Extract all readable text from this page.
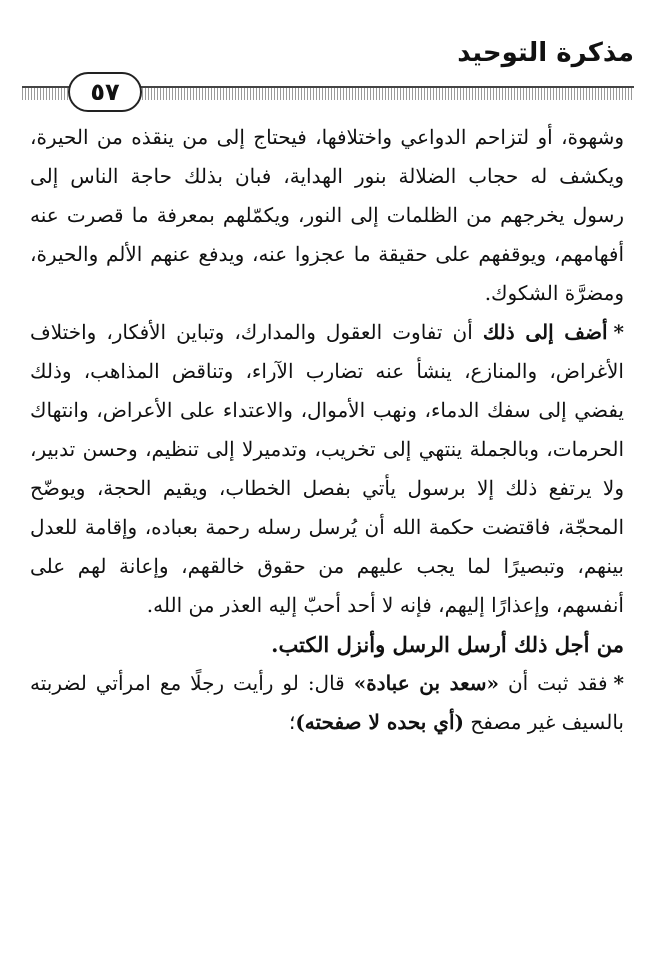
مذكرة التوحيد
٥٧

وشهوة، أو لتزاحم الدواعي واختلافها، فيحتاج إلى من ينقذه من الحيرة، ويكشف له حجاب الضلالة بنور الهداية، فبان بذلك حاجة الناس إلى رسول يخرجهم من الظلمات إلى النور، ويكمّلهم بمعرفة ما قصرت عنه أفهامهم، ويوقفهم على حقيقة ما عجزوا عنه، ويدفع عنهم الألم والحيرة، ومضرَّة الشكوك.

*أضف إلى ذلك أن تفاوت العقول والمدارك، وتباين الأفكار، واختلاف الأغراض، والمنازع، ينشأ عنه تضارب الآراء، وتناقض المذاهب، وذلك يفضي إلى سفك الدماء، ونهب الأموال، والاعتداء على الأعراض، وانتهاك الحرمات، وبالجملة ينتهي إلى تخريب، وتدميرلا إلى تنظيم، وحسن تدبير، ولا يرتفع ذلك إلا برسول يأتي بفصل الخطاب، ويقيم الحجة، ويوضّح المحجّة، فاقتضت حكمة الله أن يُرسل رسله رحمة بعباده، وإقامة للعدل بينهم، وتبصيرًا لما يجب عليهم من حقوق خالقهم، وإعانة لهم على أنفسهم، وإعذارًا إليهم، فإنه لا أحد أحبّ إليه العذر من الله.

من أجل ذلك أرسل الرسل وأنزل الكتب.

*فقد ثبت أن «سعد بن عبادة» قال: لو رأيت رجلًا مع امرأتي لضربته بالسيف غير مصفح (أي بحده لا صفحته)؛
